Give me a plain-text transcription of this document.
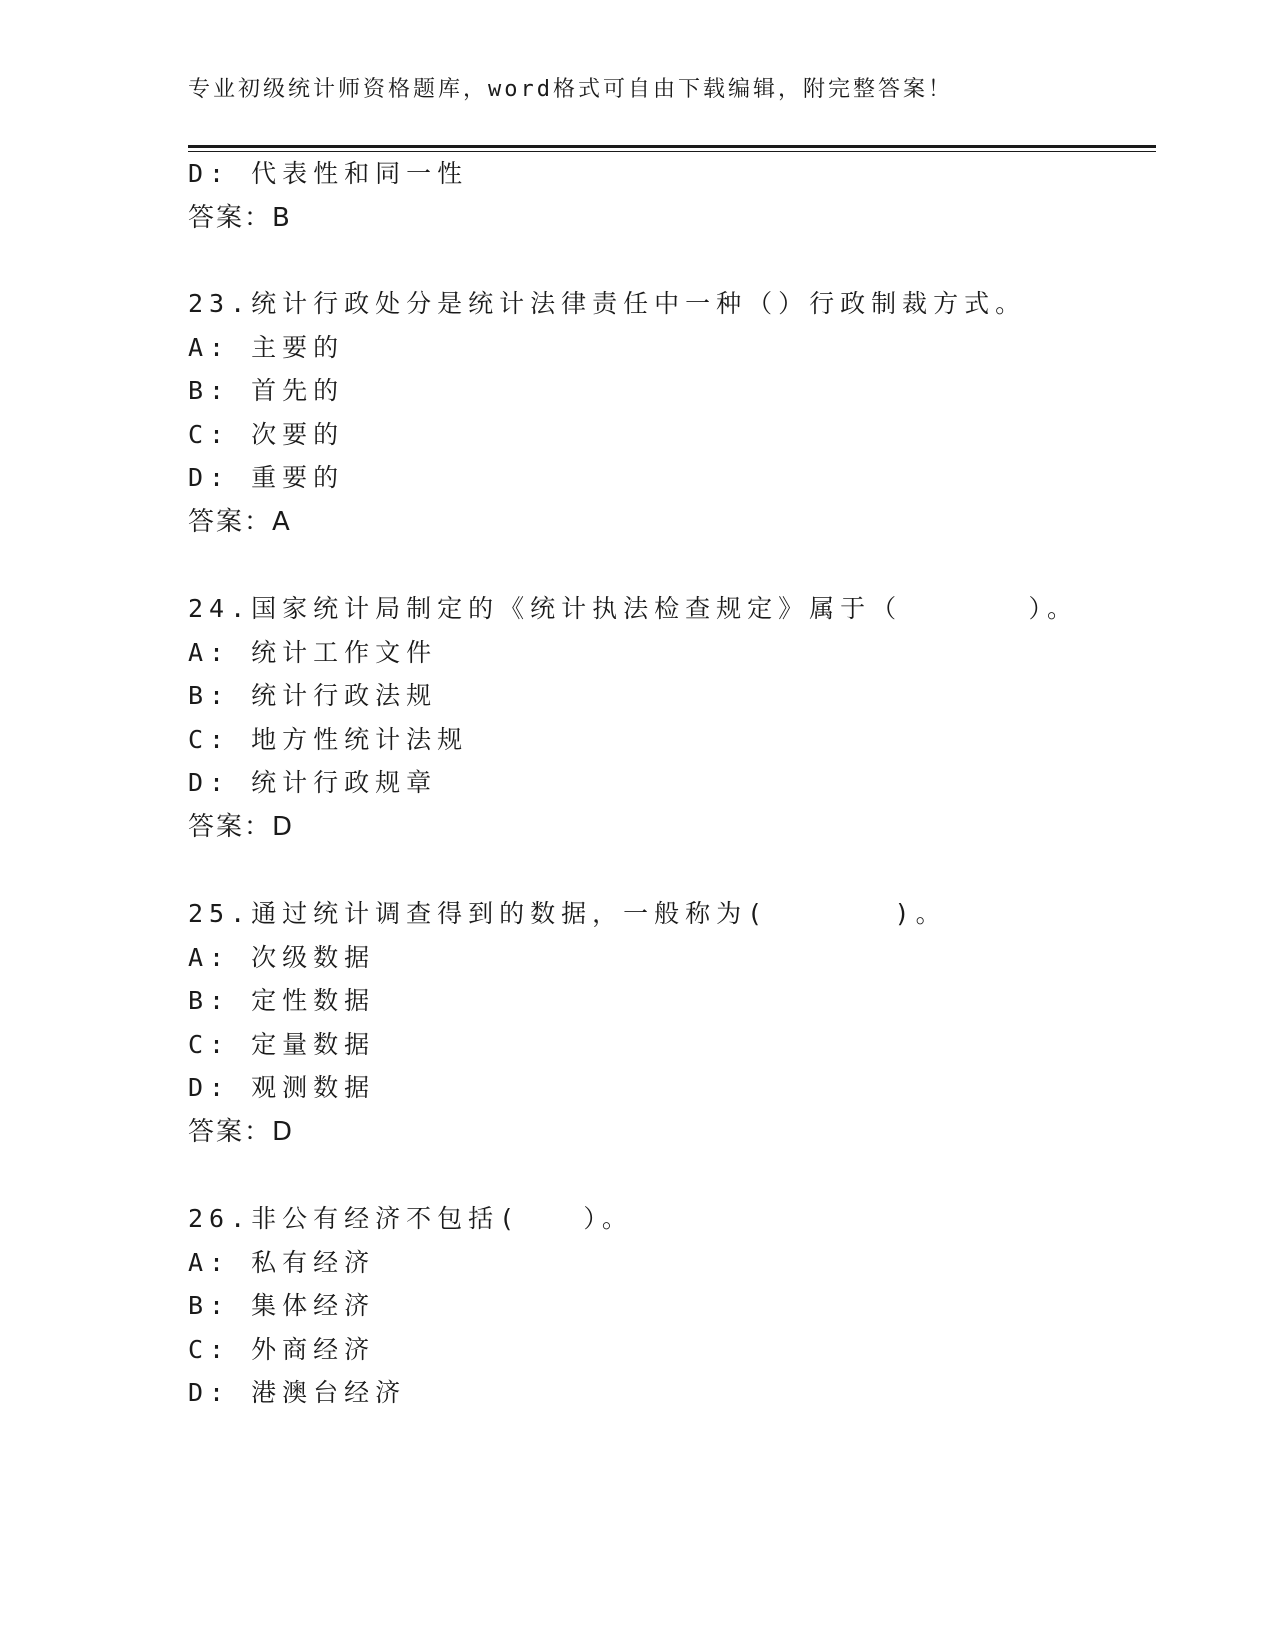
专业初级统计师资格题库，word格式可自由下载编辑，附完整答案！
D: 代表性和同一性
答案：B
23.统计行政处分是统计法律责任中一种（）行政制裁方式。
A: 主要的
B: 首先的
C: 次要的
D: 重要的
答案：A
24.国家统计局制定的《统计执法检查规定》属于（      ）。
A: 统计工作文件
B: 统计行政法规
C: 地方性统计法规
D: 统计行政规章
答案：D
25.通过统计调查得到的数据，一般称为(      )。
A: 次级数据
B: 定性数据
C: 定量数据
D: 观测数据
答案：D
26.非公有经济不包括(   ）。
A: 私有经济
B: 集体经济
C: 外商经济
D: 港澳台经济
